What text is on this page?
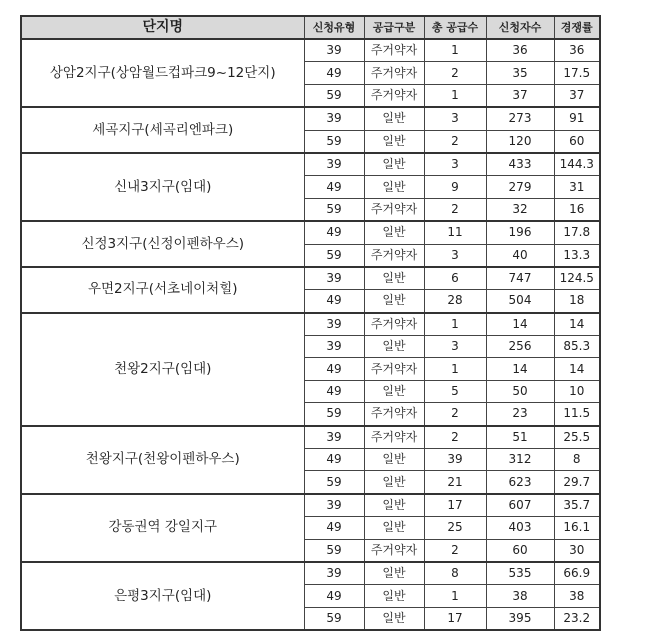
단지명	신청유형	공급구분	총 공급수	신청자수	경쟁률
상암2지구(상암월드컵파크9~12단지)	39	주거약자	1	36	36
	49	주거약자	2	35	17.5
	59	주거약자	1	37	37
세곡지구(세곡리엔파크)	39	일반	3	273	91
	59	일반	2	120	60
신내3지구(임대)	39	일반	3	433	144.3
	49	일반	9	279	31
	59	주거약자	2	32	16
신정3지구(신정이펜하우스)	49	일반	11	196	17.8
	59	주거약자	3	40	13.3
우면2지구(서초네이처힐)	39	일반	6	747	124.5
	49	일반	28	504	18
천왕2지구(임대)	39	주거약자	1	14	14
	39	일반	3	256	85.3
	49	주거약자	1	14	14
	49	일반	5	50	10
	59	주거약자	2	23	11.5
천왕지구(천왕이펜하우스)	39	주거약자	2	51	25.5
	49	일반	39	312	8
	59	일반	21	623	29.7
강동권역 강일지구	39	일반	17	607	35.7
	49	일반	25	403	16.1
	59	주거약자	2	60	30
은평3지구(임대)	39	일반	8	535	66.9
	49	일반	1	38	38
	59	일반	17	395	23.2
